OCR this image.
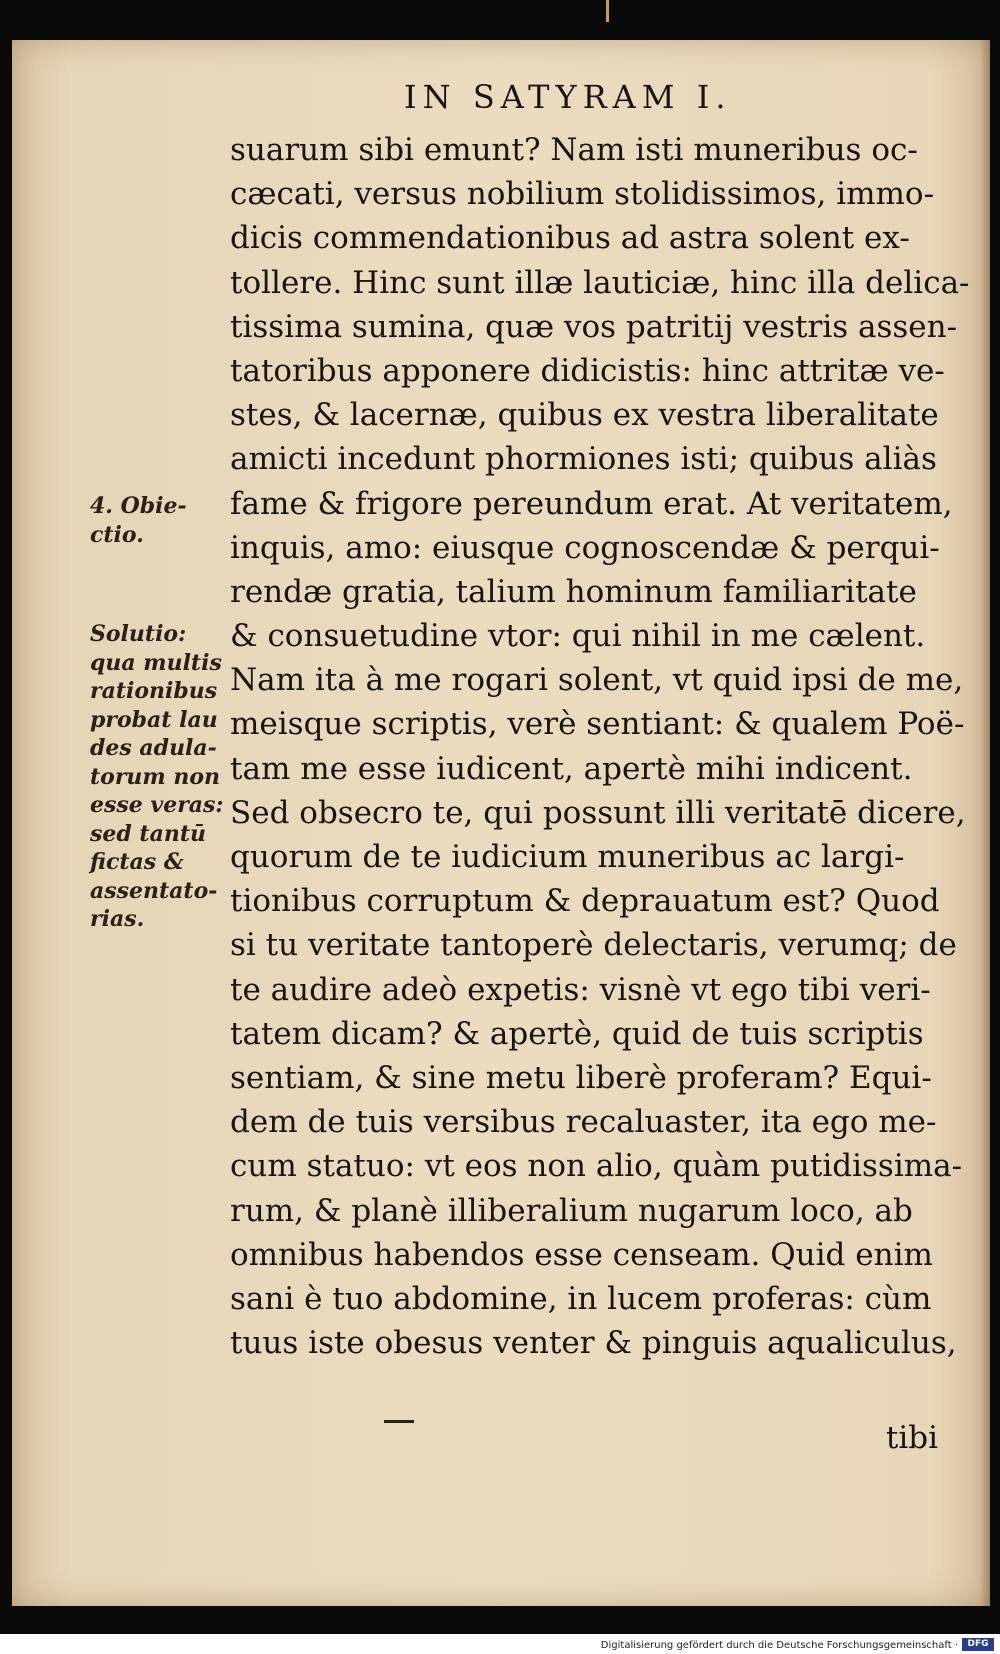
IN SATYRAM I.
suarum sibi emunt? Nam isti muneribus oc-
cæcati, versus nobilium stolidissimos, immo-
dicis commendationibus ad astra solent ex-
tollere. Hinc sunt illæ lauticiæ, hinc illa delica-
tissima sumina, quæ vos patritij vestris assen-
tatoribus apponere didicistis: hinc attritæ ve-
stes, & lacernæ, quibus ex vestra liberalitate
amicti incedunt phormiones isti; quibus aliàs
fame & frigore pereundum erat. At veritatem,
inquis, amo: eiusque cognoscendæ & perqui-
rendæ gratia, talium hominum familiaritate
& consuetudine vtor: qui nihil in me cælent.
Nam ita à me rogari solent, vt quid ipsi de me,
meisque scriptis, verè sentiant: & qualem Poë-
tam me esse iudicent, apertè mihi indicent.
Sed obsecro te, qui possunt illi veritatē dicere,
quorum de te iudicium muneribus ac largi-
tionibus corruptum & deprauatum est? Quod
si tu veritate tantoperè delectaris, verumq; de
te audire adeò expetis: visnè vt ego tibi veri-
tatem dicam? & apertè, quid de tuis scriptis
sentiam, & sine metu liberè proferam? Equi-
dem de tuis versibus recaluaster, ita ego me-
cum statuo: vt eos non alio, quàm putidissima-
rum, & planè illiberalium nugarum loco, ab
omnibus habendos esse censeam. Quid enim
sani è tuo abdomine, in lucem proferas: cùm
tuus iste obesus venter & pinguis aqualiculus,
4. Obie-
ctio.
Solutio:
qua multis
rationibus
probat lau
des adula-
torum non
esse veras:
sed tantū
fictas &
assentato-
rias.
tibi
Digitalisierung gefördert durch die Deutsche Forschungsgemeinschaft ·	DFG
